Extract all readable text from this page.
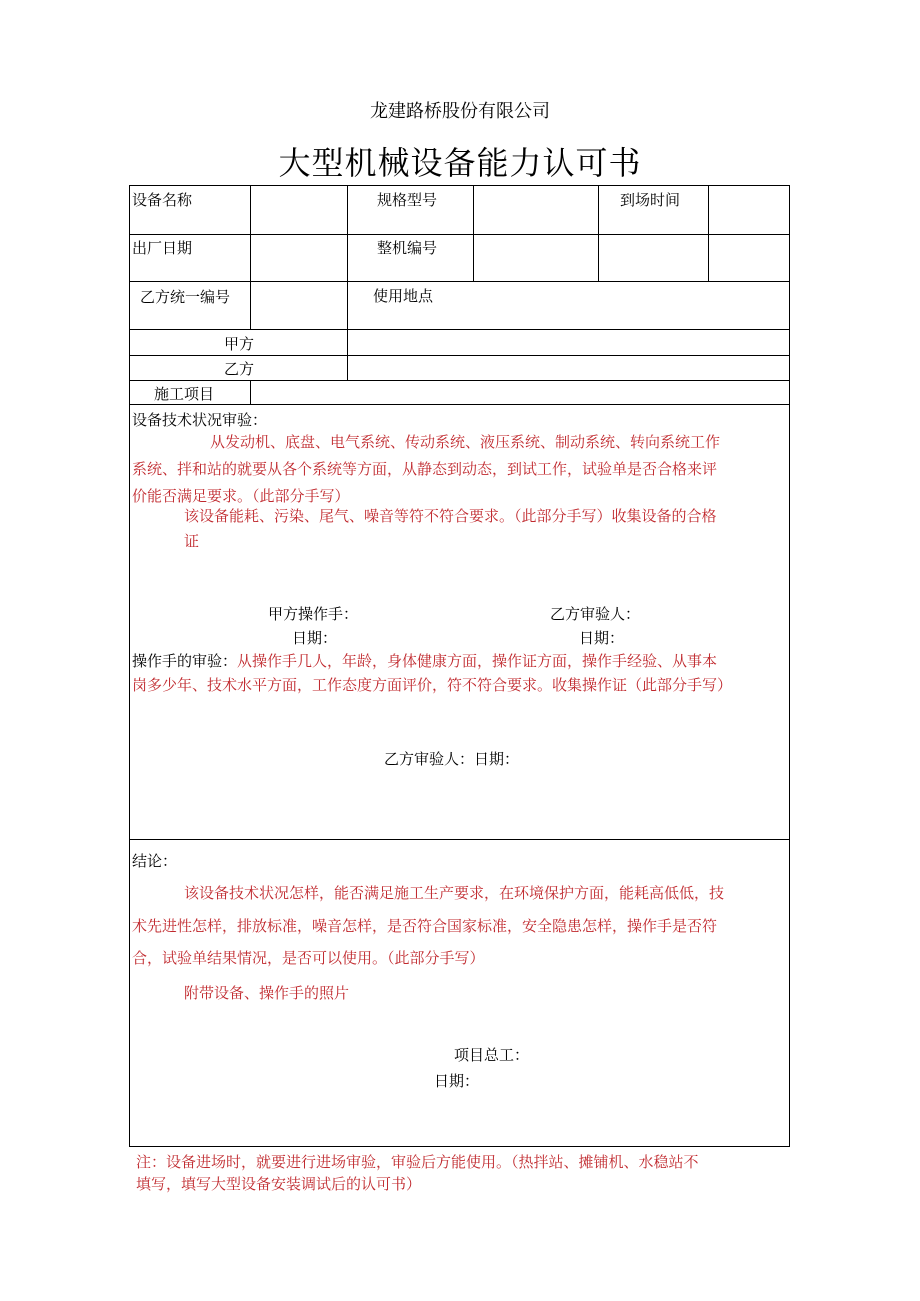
龙建路桥股份有限公司
大型机械设备能力认可书
设备名称	规格型号	到场时间
出厂日期	整机编号
乙方统一编号	使用地点
甲方
乙方
施工项目
设备技术状况审验：
从发动机、底盘、电气系统、传动系统、液压系统、制动系统、转向系统工作
系统、拌和站的就要从各个系统等方面，从静态到动态，到试工作，试验单是否合格来评
价能否满足要求。（此部分手写）
该设备能耗、污染、尾气、噪音等符不符合要求。（此部分手写）收集设备的合格
证
甲方操作手：	乙方审验人：
日期：	日期：
操作手的审验：从操作手几人，年龄，身体健康方面，操作证方面，操作手经验、从事本
岗多少年、技术水平方面，工作态度方面评价，符不符合要求。收集操作证（此部分手写）
乙方审验人：日期：
结论：
该设备技术状况怎样，能否满足施工生产要求，在环境保护方面，能耗高低低，技
术先进性怎样，排放标准，噪音怎样，是否符合国家标准，安全隐患怎样，操作手是否符
合，试验单结果情况，是否可以使用。（此部分手写）
附带设备、操作手的照片
项目总工：
日期：
注：设备进场时，就要进行进场审验，审验后方能使用。（热拌站、摊铺机、水稳站不
填写，填写大型设备安装调试后的认可书）
